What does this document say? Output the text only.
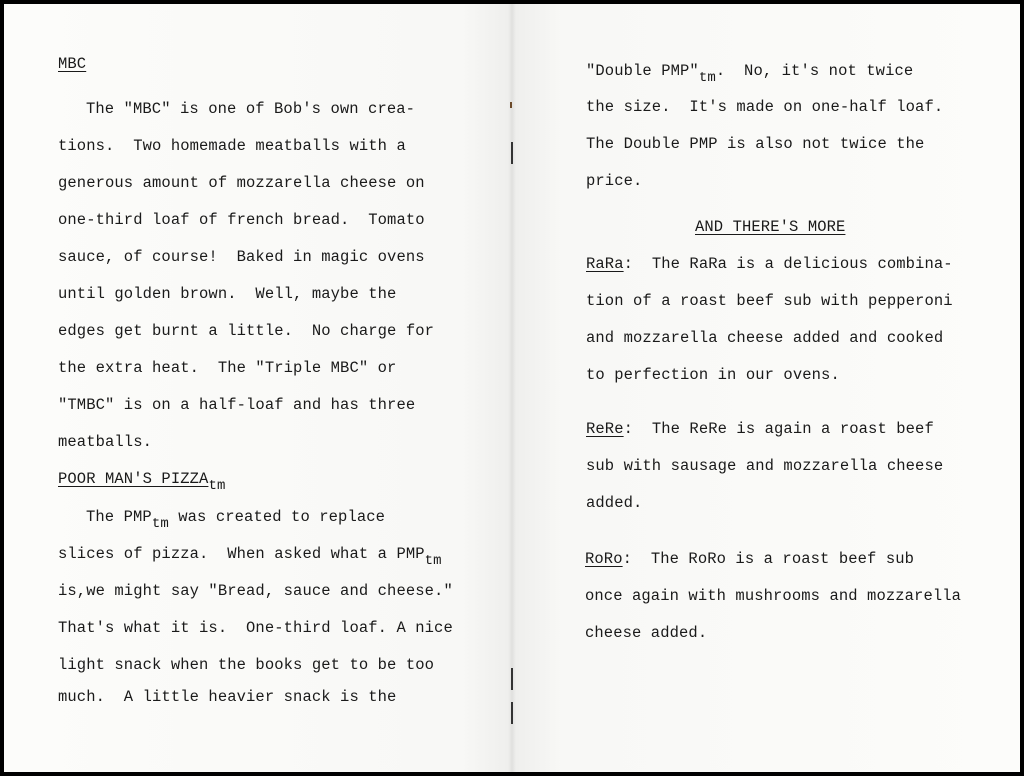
MBC
The "MBC" is one of Bob's own crea-
tions.  Two homemade meatballs with a
generous amount of mozzarella cheese on
one-third loaf of french bread.  Tomato
sauce, of course!  Baked in magic ovens
until golden brown.  Well, maybe the
edges get burnt a little.  No charge for
the extra heat.  The "Triple MBC" or
"TMBC" is on a half-loaf and has three
meatballs.
POOR MAN'S PIZZAtm
The PMPtm was created to replace
slices of pizza.  When asked what a PMPtm
is,we might say "Bread, sauce and cheese."
That's what it is.  One-third loaf. A nice
light snack when the books get to be too
much.  A little heavier snack is the
"Double PMP"tm.  No, it's not twice
the size.  It's made on one-half loaf.
The Double PMP is also not twice the
price.
AND THERE'S MORE
RaRa:  The RaRa is a delicious combina-
tion of a roast beef sub with pepperoni
and mozzarella cheese added and cooked
to perfection in our ovens.
ReRe:  The ReRe is again a roast beef
sub with sausage and mozzarella cheese
added.
RoRo:  The RoRo is a roast beef sub
once again with mushrooms and mozzarella
cheese added.
